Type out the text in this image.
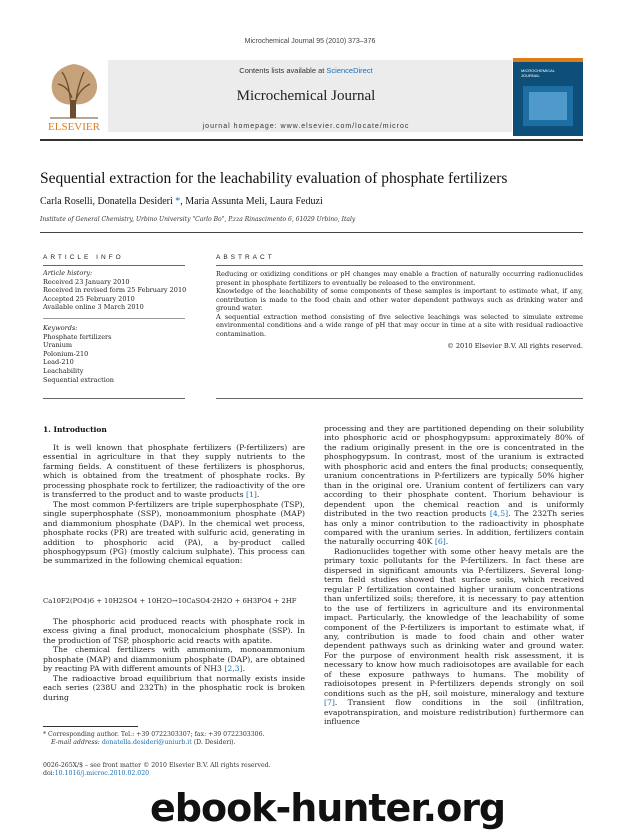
Microchemical Journal 95 (2010) 373–376
ELSEVIER
MICROCHEMICAL
JOURNAL
Contents lists available at ScienceDirect
Microchemical Journal
journal homepage: www.elsevier.com/locate/microc
Sequential extraction for the leachability evaluation of phosphate fertilizers
Carla Roselli, Donatella Desideri *, Maria Assunta Meli, Laura Feduzi
Institute of General Chemistry, Urbino University "Carlo Bo", P.zza Rinascimento 6, 61029 Urbino, Italy
ARTICLE INFO
Article history:
Received 23 January 2010
Received in revised form 25 February 2010
Accepted 25 February 2010
Available online 3 March 2010
Keywords:
Phosphate fertilizers
Uranium
Polonium-210
Lead-210
Leachability
Sequential extraction
ABSTRACT
Reducing or oxidizing conditions or pH changes may enable a fraction of naturally occurring radionuclides present in phosphate fertilizers to eventually be released to the environment.
Knowledge of the leachability of some components of these samples is important to estimate what, if any, contribution is made to the food chain and other water dependent pathways such as drinking water and ground water.
A sequential extraction method consisting of five selective leachings was selected to simulate extreme environmental conditions and a wide range of pH that may occur in time at a site with residual radioactive contamination.
© 2010 Elsevier B.V. All rights reserved.
1. Introduction

It is well known that phosphate fertilizers (P-fertilizers) are essential in agriculture in that they supply nutrients to the farming fields. A constituent of these fertilizers is phosphorus, which is obtained from the treatment of phosphate rocks. By processing phosphate rock to fertilizer, the radioactivity of the ore is transferred to the product and to waste products [1].

The most common P-fertilizers are triple superphosphate (TSP), single superphosphate (SSP), monoammonium phosphate (MAP) and diammonium phosphate (DAP). In the chemical wet process, phosphate rocks (PR) are treated with sulfuric acid, generating in addition to phosphoric acid (PA), a by-product called phosphogypsum (PG) (mostly calcium sulphate). This process can be summarized in the following chemical equation:

Ca10F2(PO4)6 + 10H2SO4 + 10H2O→10CaSO4·2H2O + 6H3PO4 + 2HF

The phosphoric acid produced reacts with phosphate rock in excess giving a final product, monocalcium phosphate (SSP). In the production of TSP, phosphoric acid reacts with apatite.

The chemical fertilizers with ammonium, monoammonium phosphate (MAP) and diammonium phosphate (DAP), are obtained by reacting PA with different amounts of NH3 [2,3].

The radioactive broad equilibrium that normally exists inside each series (238U and 232Th) in the phosphatic rock is broken during

* Corresponding author. Tel.: +39 0722303307; fax: +39 0722303306.
E-mail address: donatella.desideri@uniurb.it (D. Desideri).
0026-265X/$ – see front matter © 2010 Elsevier B.V. All rights reserved.
doi:10.1016/j.microc.2010.02.020

processing and they are partitioned depending on their solubility into phosphoric acid or phosphogypsum: approximately 80% of the radium originally present in the ore is concentrated in the phosphogypsum. In contrast, most of the uranium is extracted with phosphoric acid and enters the final products; consequently, uranium concentrations in P-fertilizers are typically 50% higher than in the original ore. Uranium content of fertilizers can vary according to their phosphate content. Thorium behaviour is dependent upon the chemical reaction and is uniformly distributed in the two reaction products [4,5]. The 232Th series has only a minor contribution to the radioactivity in phosphate compared with the uranium series. In addition, fertilizers contain the naturally occurring 40K [6].

Radionuclides together with some other heavy metals are the primary toxic pollutants for the P-fertilizers. In fact these are dispersed in significant amounts via P-fertilizers. Several long-term field studies showed that surface soils, which received regular P fertilization contained higher uranium concentrations than unfertilized soils; therefore, it is necessary to pay attention to the use of fertilizers in agriculture and its environmental impact. Particularly, the knowledge of the leachability of some component of the P-fertilizers is important to estimate what, if any, contribution is made to food chain and other water dependent pathways such as drinking water and ground water. For the purpose of environment health risk assessment, it is necessary to know how much radioisotopes are available for each of these exposure pathways to humans. The mobility of radioisotopes present in P-fertilizers depends strongly on soil conditions such as the pH, soil moisture, mineralogy and texture [7]. Transient flow conditions in the soil (infiltration, evapotranspiration, and moisture redistribution) furthermore can influence

ebook-hunter.org
